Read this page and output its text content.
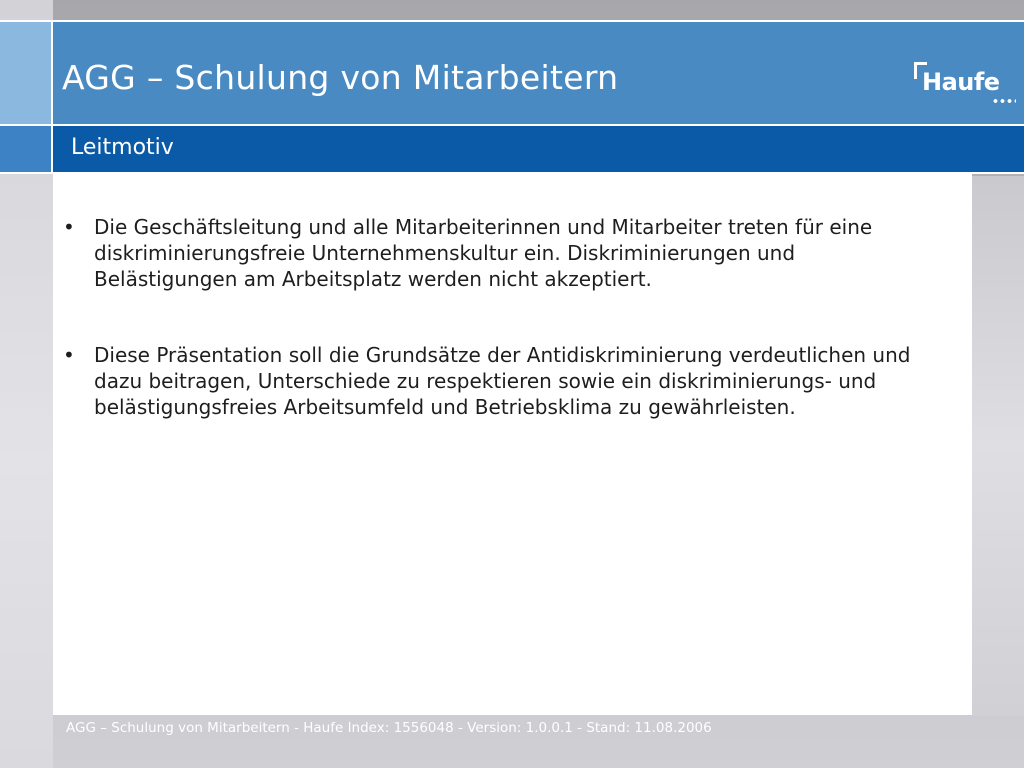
AGG – Schulung von Mitarbeitern	Haufe
Leitmotiv
• Die Geschäftsleitung und alle Mitarbeiterinnen und Mitarbeiter treten für eine diskriminierungsfreie Unternehmenskultur ein. Diskriminierungen und Belästigungen am Arbeitsplatz werden nicht akzeptiert.
• Diese Präsentation soll die Grundsätze der Antidiskriminierung verdeutlichen und dazu beitragen, Unterschiede zu respektieren sowie ein diskriminierungs- und belästigungsfreies Arbeitsumfeld und Betriebsklima zu gewährleisten.
AGG – Schulung von Mitarbeitern - Haufe Index: 1556048 - Version: 1.0.0.1 - Stand: 11.08.2006
